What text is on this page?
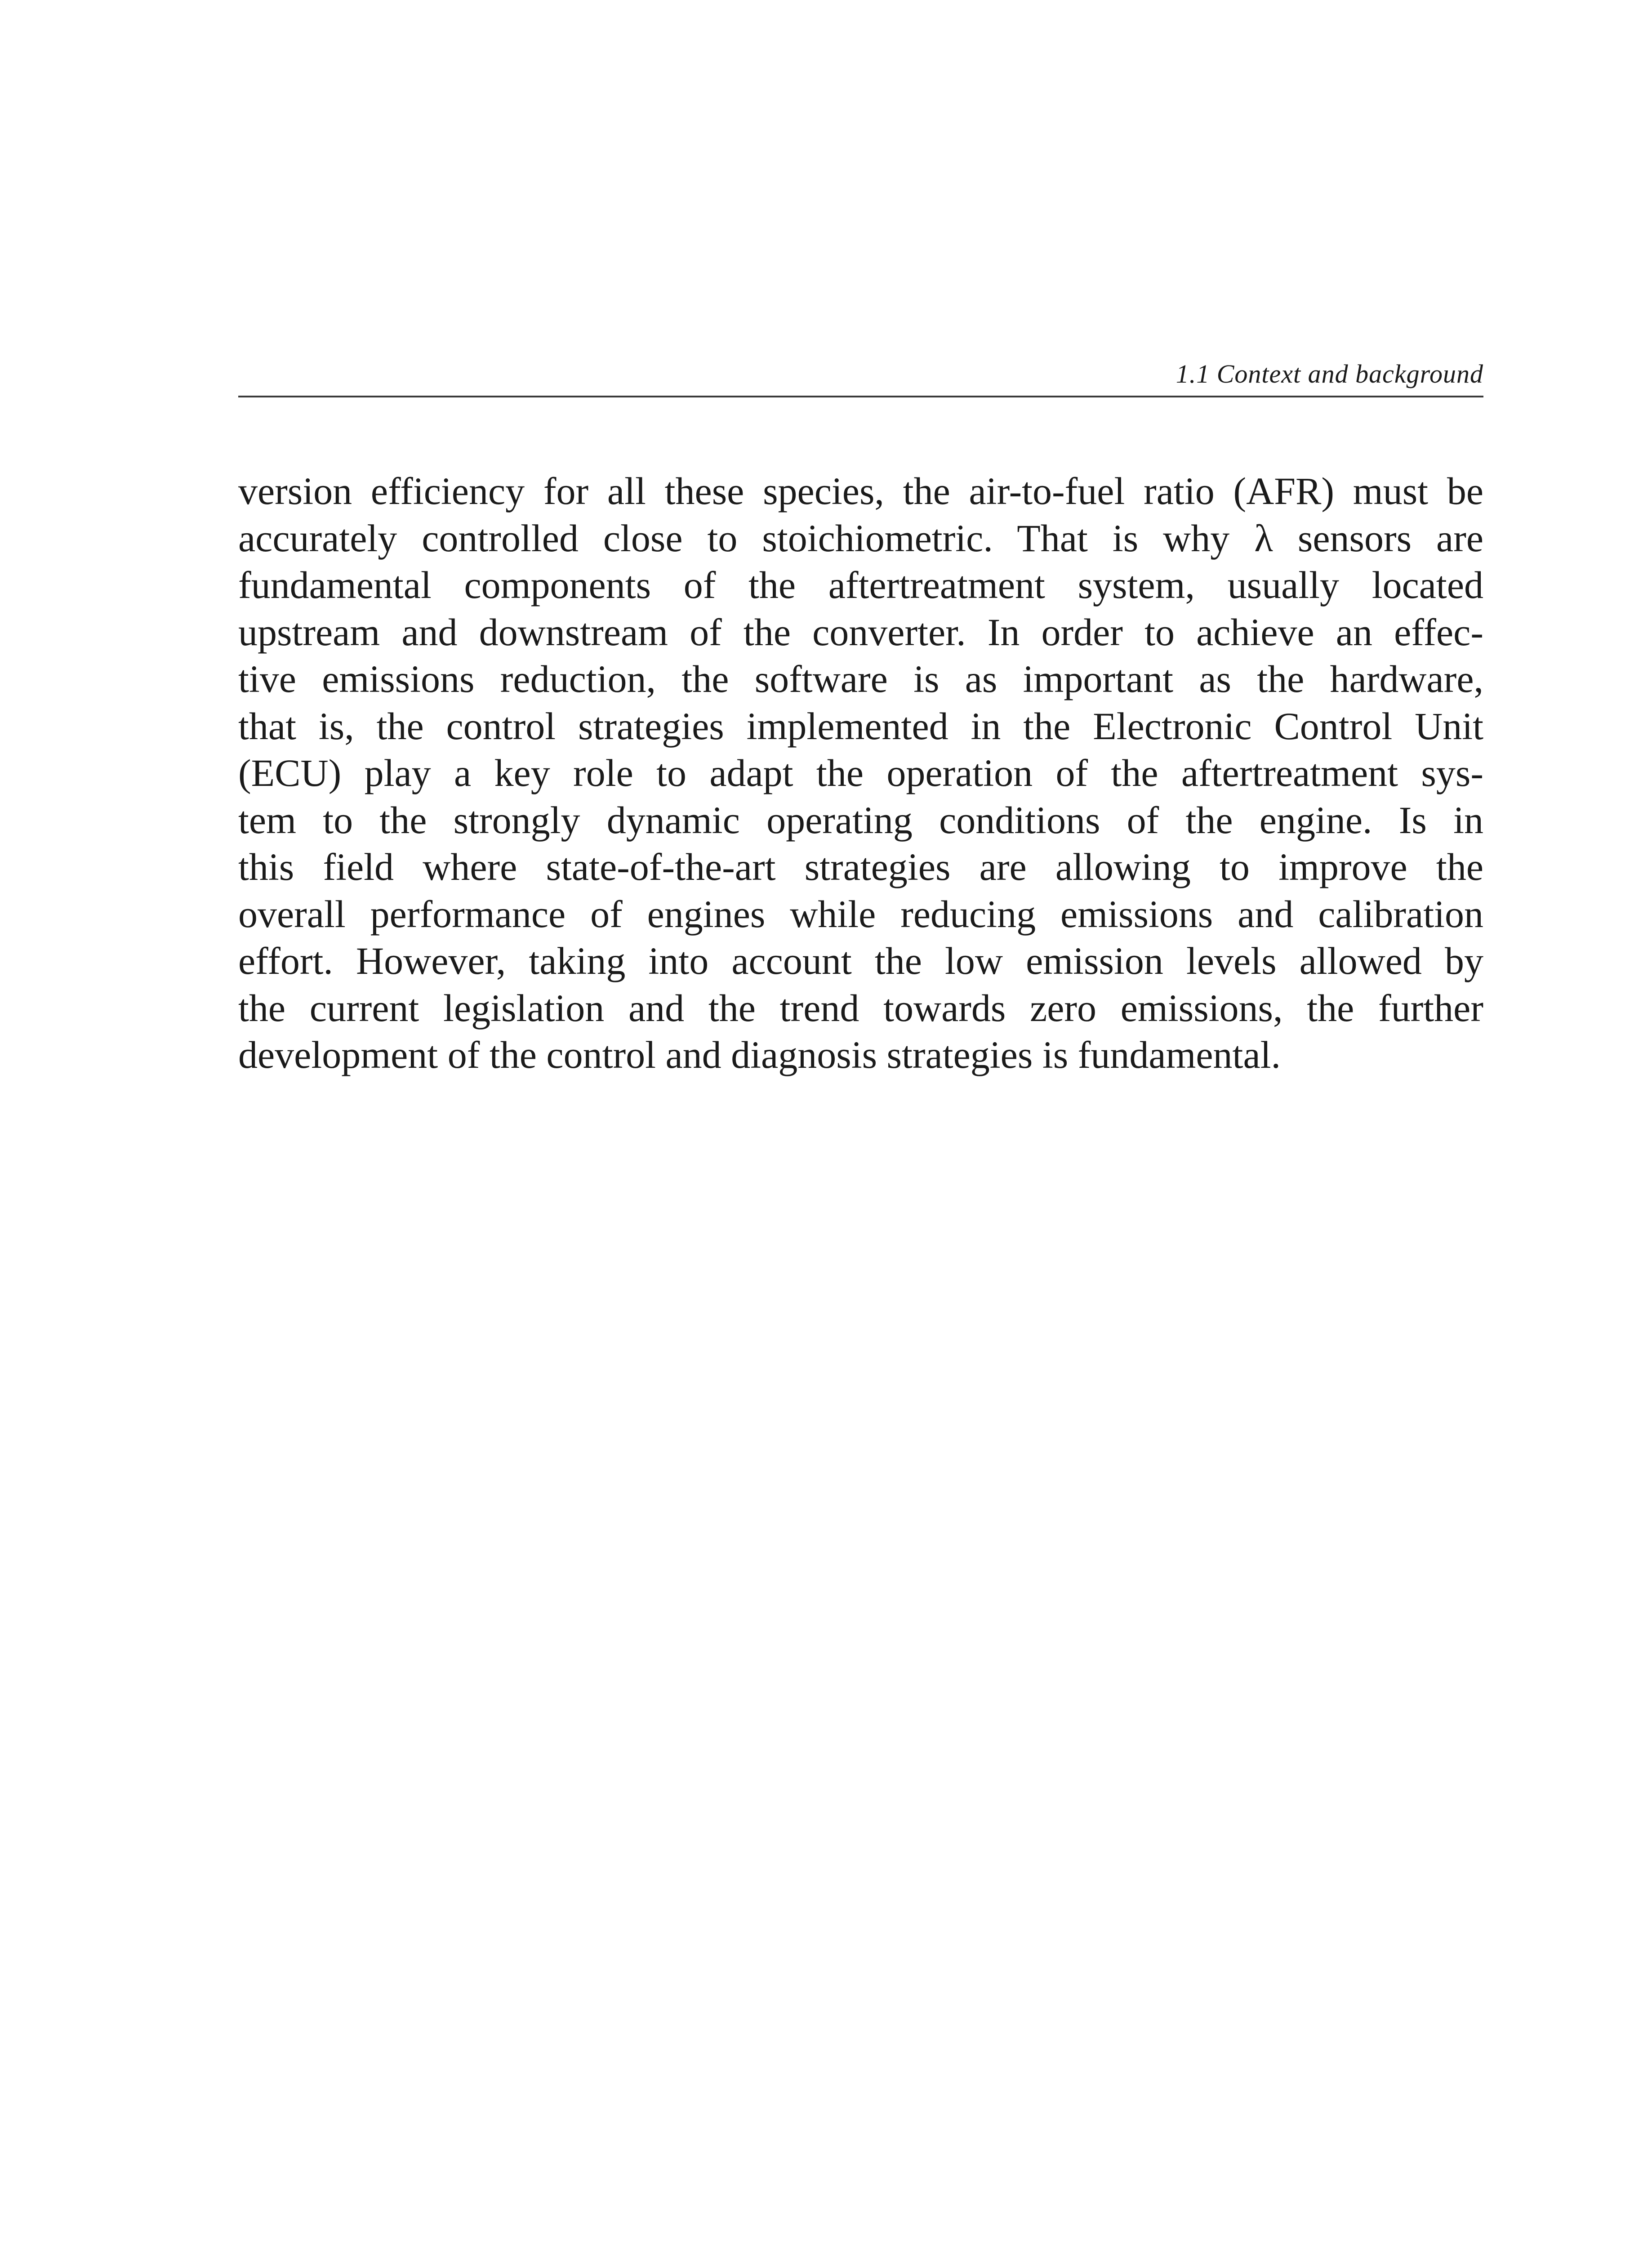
1.1 Context and background
version efficiency for all these species, the air-to-fuel ratio (AFR) must be
accurately controlled close to stoichiometric. That is why λ sensors are
fundamental components of the aftertreatment system, usually located
upstream and downstream of the converter. In order to achieve an effec-
tive emissions reduction, the software is as important as the hardware,
that is, the control strategies implemented in the Electronic Control Unit
(ECU) play a key role to adapt the operation of the aftertreatment sys-
tem to the strongly dynamic operating conditions of the engine. Is in
this field where state-of-the-art strategies are allowing to improve the
overall performance of engines while reducing emissions and calibration
effort. However, taking into account the low emission levels allowed by
the current legislation and the trend towards zero emissions, the further
development of the control and diagnosis strategies is fundamental.
